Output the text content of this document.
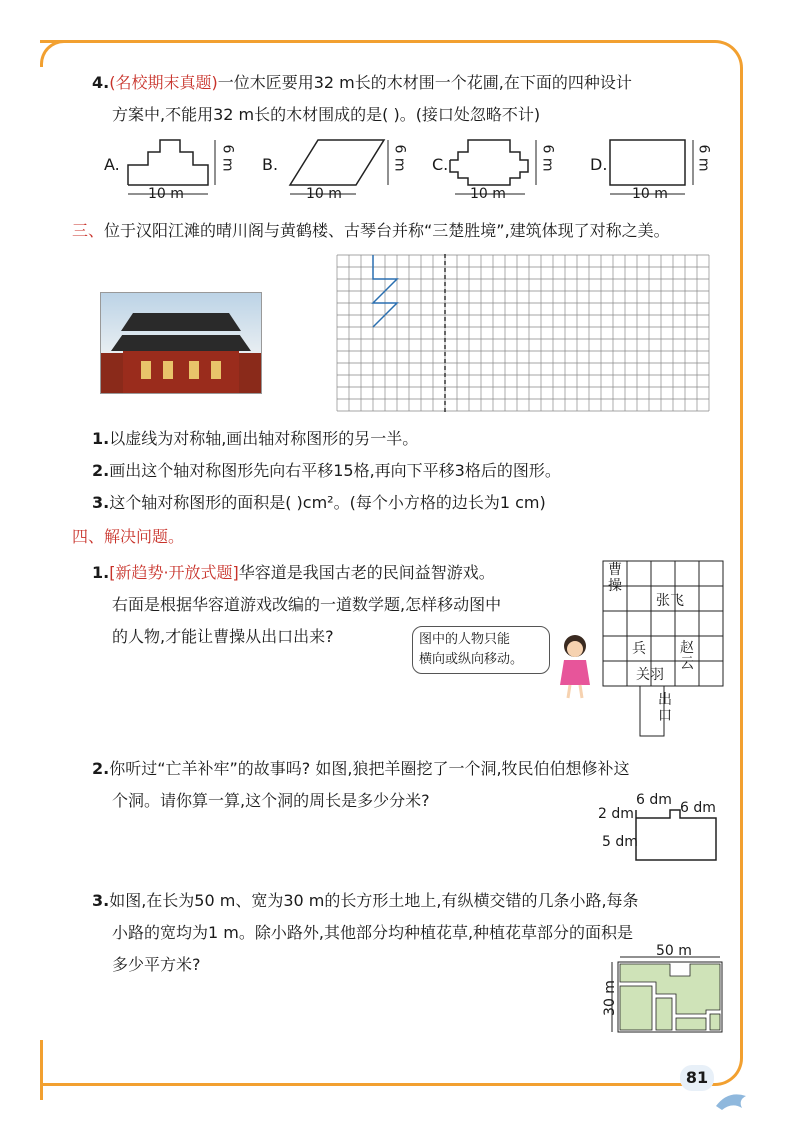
4.(名校期末真题)一位木匠要用32 m长的木材围一个花圃,在下面的四种设计
方案中,不能用32 m长的木材围成的是( )。(接口处忽略不计)
A.	B.	C.	D.
10 m	10 m	10 m	10 m
6 m	6 m	6 m	6 m
三、位于汉阳江滩的晴川阁与黄鹤楼、古琴台并称“三楚胜境”,建筑体现了对称之美。
1.以虚线为对称轴,画出轴对称图形的另一半。
2.画出这个轴对称图形先向右平移15格,再向下平移3格后的图形。
3.这个轴对称图形的面积是( )cm²。(每个小方格的边长为1 cm)
四、解决问题。
1.[新趋势·开放式题]华容道是我国古老的民间益智游戏。
右面是根据华容道游戏改编的一道数学题,怎样移动图中
的人物,才能让曹操从出口出来?	图中的人物只能
横向或纵向移动。
曹操
张飞
兵 赵云
关羽
出口
2.你听过“亡羊补牢”的故事吗? 如图,狼把羊圈挖了一个洞,牧民伯伯想修补这
个洞。请你算一算,这个洞的周长是多少分米?	6 dm 6 dm
2 dm
5 dm
3.如图,在长为50 m、宽为30 m的长方形土地上,有纵横交错的几条小路,每条
小路的宽均为1 m。除小路外,其他部分均种植花草,种植花草部分的面积是
多少平方米?
50 m
30 m
81
